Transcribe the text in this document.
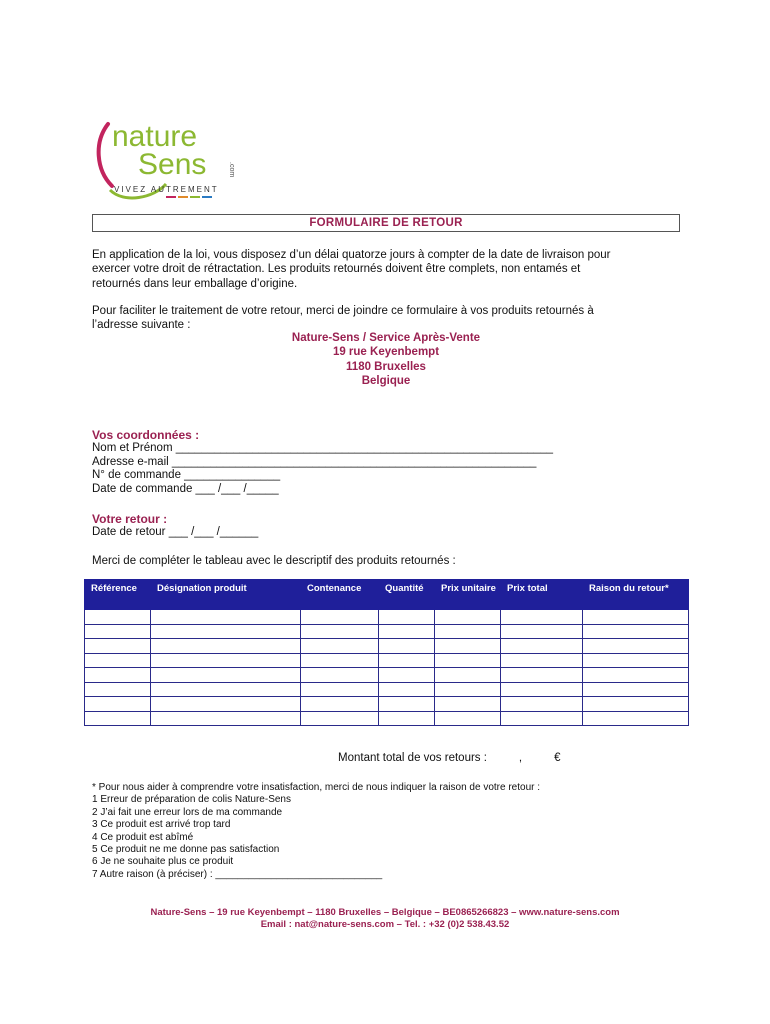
nature
Sens	.com
VIVEZ AUTREMENT
FORMULAIRE DE RETOUR
En application de la loi, vous disposez d’un délai quatorze jours à compter de la date de livraison pour
exercer votre droit de rétractation. Les produits retournés doivent être complets, non entamés et
retournés dans leur emballage d’origine.
Pour faciliter le traitement de votre retour, merci de joindre ce formulaire à vos produits retournés à
l’adresse suivante :
Nature-Sens / Service Après-Vente
19 rue Keyenbempt
1180 Bruxelles
Belgique
Vos coordonnées :
Nom et Prénom ___________________________________________________________
Adresse e-mail _________________________________________________________
N° de commande _______________
Date de commande ___ /___ /_____
Votre retour :
Date de retour ___ /___ /______
Merci de compléter le tableau avec le descriptif des produits retournés :
Référence	Désignation produit	Contenance	Quantité	Prix unitaire	Prix total	Raison du retour*

Montant total de vos retours :	,	€
* Pour nous aider à comprendre votre insatisfaction, merci de nous indiquer la raison de votre retour :
1 Erreur de préparation de colis Nature-Sens
2 J’ai fait une erreur lors de ma commande
3 Ce produit est arrivé trop tard
4 Ce produit est abîmé
5 Ce produit ne me donne pas satisfaction
6 Je ne souhaite plus ce produit
7 Autre raison (à préciser) : ______________________________
Nature-Sens – 19 rue Keyenbempt – 1180 Bruxelles – Belgique – BE0865266823 – www.nature-sens.com
Email : nat@nature-sens.com – Tel. : +32 (0)2 538.43.52
